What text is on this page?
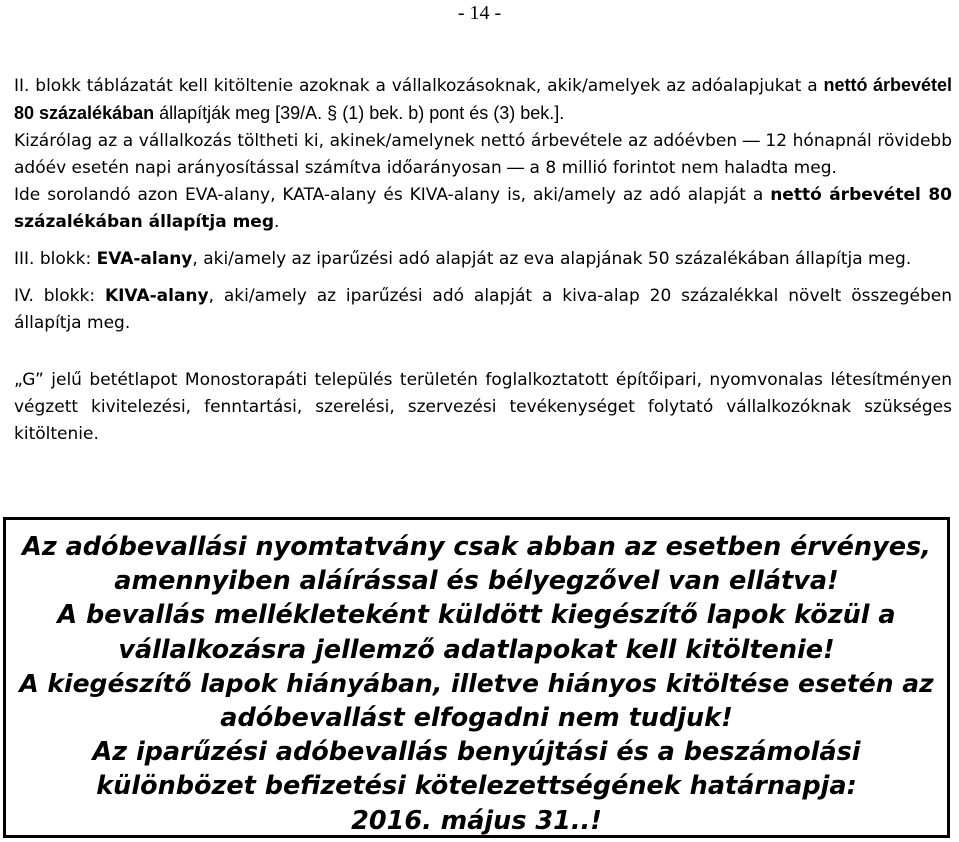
- 14 -

II. blokk táblázatát kell kitöltenie azoknak a vállalkozásoknak, akik/amelyek az adóalapjukat a nettó árbevétel 80 százalékában állapítják meg [39/A. § (1) bek. b) pont és (3) bek.].

Kizárólag az a vállalkozás töltheti ki, akinek/amelynek nettó árbevétele az adóévben ― 12 hónapnál rövidebb adóév esetén napi arányosítással számítva időarányosan ― a 8 millió forintot nem haladta meg.

Ide sorolandó azon EVA-alany, KATA-alany és KIVA-alany is, aki/amely az adó alapját a nettó árbevétel 80 százalékában állapítja meg.

III. blokk: EVA-alany, aki/amely az iparűzési adó alapját az eva alapjának 50 százalékában állapítja meg.

IV. blokk: KIVA-alany, aki/amely az iparűzési adó alapját a kiva-alap 20 százalékkal növelt összegében állapítja meg.

„G” jelű betétlapot Monostorapáti település területén foglalkoztatott építőipari, nyomvonalas létesítményen végzett kivitelezési, fenntartási, szerelési, szervezési tevékenységet folytató vállalkozóknak szükséges kitöltenie.

Az adóbevallási nyomtatvány csak abban az esetben érvényes,
amennyiben aláírással és bélyegzővel van ellátva!
A bevallás mellékleteként küldött kiegészítő lapok közül a
vállalkozásra jellemző adatlapokat kell kitöltenie!
A kiegészítő lapok hiányában, illetve hiányos kitöltése esetén az
adóbevallást elfogadni nem tudjuk!
Az iparűzési adóbevallás benyújtási és a beszámolási
különbözet befizetési kötelezettségének határnapja:
2016. május 31..!
